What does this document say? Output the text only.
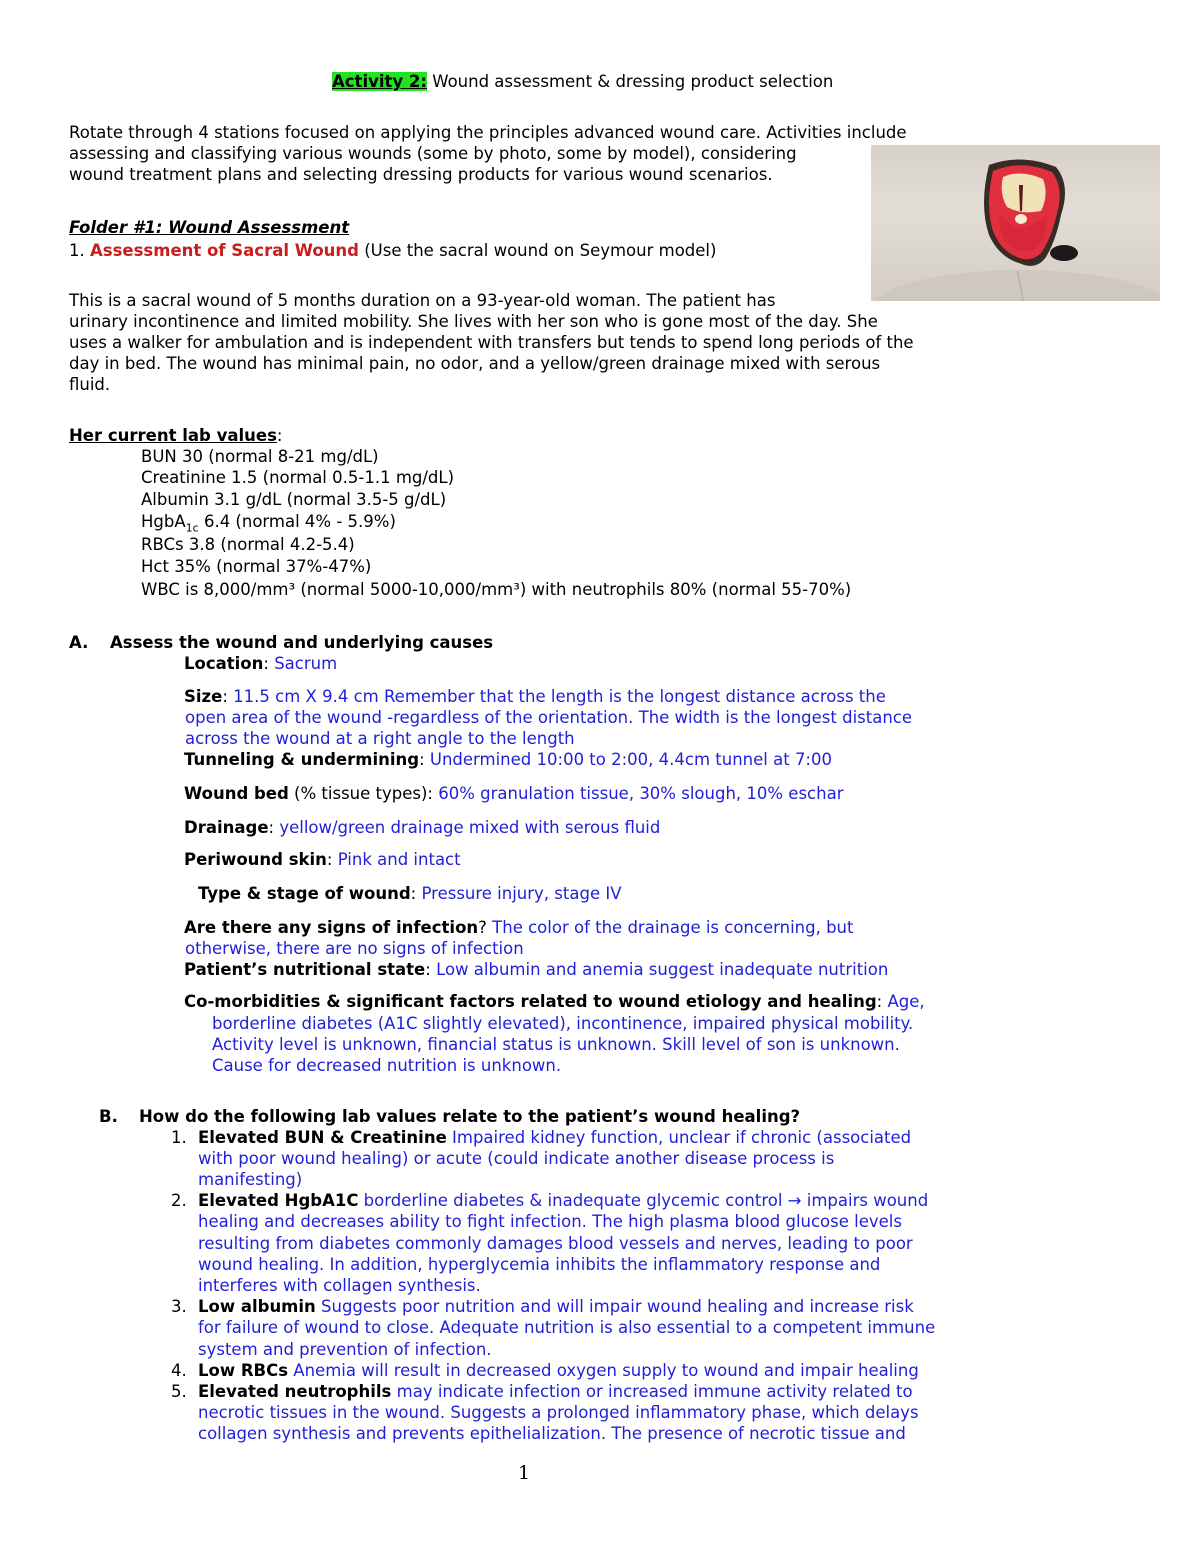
Activity 2: Wound assessment & dressing product selection
Rotate through 4 stations focused on applying the principles advanced wound care. Activities include
assessing and classifying various wounds (some by photo, some by model), considering
wound treatment plans and selecting dressing products for various wound scenarios.
Folder #1: Wound Assessment
1. Assessment of Sacral Wound (Use the sacral wound on Seymour model)
This is a sacral wound of 5 months duration on a 93-year-old woman. The patient has
urinary incontinence and limited mobility. She lives with her son who is gone most of the day. She
uses a walker for ambulation and is independent with transfers but tends to spend long periods of the
day in bed. The wound has minimal pain, no odor, and a yellow/green drainage mixed with serous
fluid.
Her current lab values:
BUN 30 (normal 8-21 mg/dL)
Creatinine 1.5 (normal 0.5-1.1 mg/dL)
Albumin 3.1 g/dL (normal 3.5-5 g/dL)
HgbA$_{1c}$ 6.4 (normal 4% - 5.9%)
RBCs 3.8 (normal 4.2-5.4)
Hct 35% (normal 37%-47%)
WBC is 8,000/mm³ (normal 5000-10,000/mm³) with neutrophils 80% (normal 55-70%)
A. Assess the wound and underlying causes
Location: Sacrum
Size: 11.5 cm X 9.4 cm Remember that the length is the longest distance across the
open area of the wound -regardless of the orientation. The width is the longest distance
across the wound at a right angle to the length
Tunneling & undermining: Undermined 10:00 to 2:00, 4.4cm tunnel at 7:00
Wound bed (% tissue types): 60% granulation tissue, 30% slough, 10% eschar
Drainage: yellow/green drainage mixed with serous fluid
Periwound skin: Pink and intact
Type & stage of wound: Pressure injury, stage IV
Are there any signs of infection? The color of the drainage is concerning, but
otherwise, there are no signs of infection
Patient’s nutritional state: Low albumin and anemia suggest inadequate nutrition
Co-morbidities & significant factors related to wound etiology and healing: Age,
borderline diabetes (A1C slightly elevated), incontinence, impaired physical mobility.
Activity level is unknown, financial status is unknown. Skill level of son is unknown.
Cause for decreased nutrition is unknown.
B. How do the following lab values relate to the patient’s wound healing?
1. Elevated BUN & Creatinine Impaired kidney function, unclear if chronic (associated
with poor wound healing) or acute (could indicate another disease process is
manifesting)
2. Elevated HgbA1C borderline diabetes & inadequate glycemic control → impairs wound
healing and decreases ability to fight infection. The high plasma blood glucose levels
resulting from diabetes commonly damages blood vessels and nerves, leading to poor
wound healing. In addition, hyperglycemia inhibits the inflammatory response and
interferes with collagen synthesis.
3. Low albumin Suggests poor nutrition and will impair wound healing and increase risk
for failure of wound to close. Adequate nutrition is also essential to a competent immune
system and prevention of infection.
4. Low RBCs Anemia will result in decreased oxygen supply to wound and impair healing
5. Elevated neutrophils may indicate infection or increased immune activity related to
necrotic tissues in the wound. Suggests a prolonged inflammatory phase, which delays
collagen synthesis and prevents epithelialization. The presence of necrotic tissue and
1
